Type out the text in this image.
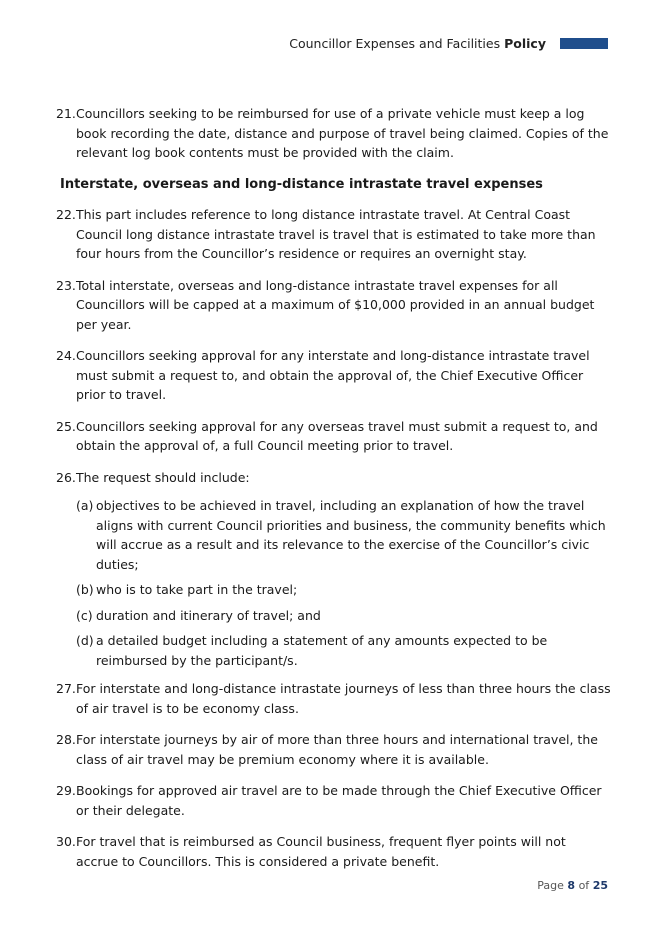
Councillor Expenses and Facilities Policy
21. Councillors seeking to be reimbursed for use of a private vehicle must keep a log book recording the date, distance and purpose of travel being claimed. Copies of the relevant log book contents must be provided with the claim.
Interstate, overseas and long-distance intrastate travel expenses
22. This part includes reference to long distance intrastate travel. At Central Coast Council long distance intrastate travel is travel that is estimated to take more than four hours from the Councillor’s residence or requires an overnight stay.
23. Total interstate, overseas and long-distance intrastate travel expenses for all Councillors will be capped at a maximum of $10,000 provided in an annual budget per year.
24. Councillors seeking approval for any interstate and long-distance intrastate travel must submit a request to, and obtain the approval of, the Chief Executive Officer prior to travel.
25. Councillors seeking approval for any overseas travel must submit a request to, and obtain the approval of, a full Council meeting prior to travel.
26. The request should include:
(a) objectives to be achieved in travel, including an explanation of how the travel aligns with current Council priorities and business, the community benefits which will accrue as a result and its relevance to the exercise of the Councillor’s civic duties;
(b) who is to take part in the travel;
(c) duration and itinerary of travel; and
(d) a detailed budget including a statement of any amounts expected to be reimbursed by the participant/s.
27. For interstate and long-distance intrastate journeys of less than three hours the class of air travel is to be economy class.
28. For interstate journeys by air of more than three hours and international travel, the class of air travel may be premium economy where it is available.
29. Bookings for approved air travel are to be made through the Chief Executive Officer or their delegate.
30. For travel that is reimbursed as Council business, frequent flyer points will not accrue to Councillors. This is considered a private benefit.
Page 8 of 25
